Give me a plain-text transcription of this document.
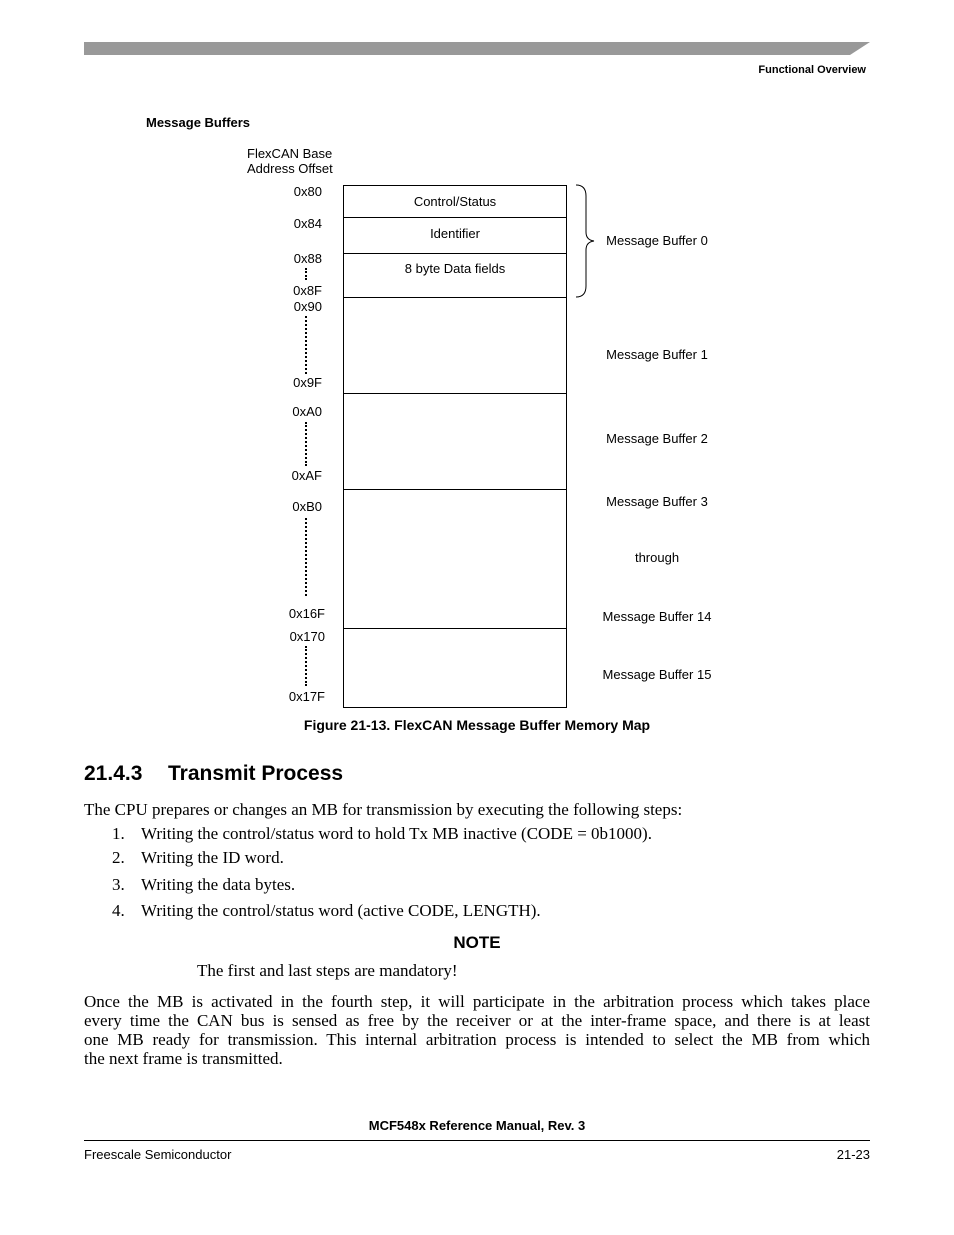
Functional Overview
Message Buffers
FlexCAN Base
Address Offset
0x80
0x84
0x88
0x8F
0x90
0x9F
0xA0
0xAF
0xB0
0x16F
0x170
0x17F
Control/Status
Identifier
8 byte Data fields
Message Buffer 0
Message Buffer 1
Message Buffer 2
Message Buffer 3
through
Message Buffer 14
Message Buffer 15
Figure 21-13. FlexCAN Message Buffer Memory Map
21.4.3 Transmit Process
The CPU prepares or changes an MB for transmission by executing the following steps:
1. Writing the control/status word to hold Tx MB inactive (CODE = 0b1000).
2. Writing the ID word.
3. Writing the data bytes.
4. Writing the control/status word (active CODE, LENGTH).
NOTE
The first and last steps are mandatory!
Once the MB is activated in the fourth step, it will participate in the arbitration process which takes place
every time the CAN bus is sensed as free by the receiver or at the inter-frame space, and there is at least
one MB ready for transmission. This internal arbitration process is intended to select the MB from which
the next frame is transmitted.
MCF548x Reference Manual, Rev. 3
Freescale Semiconductor	21-23
